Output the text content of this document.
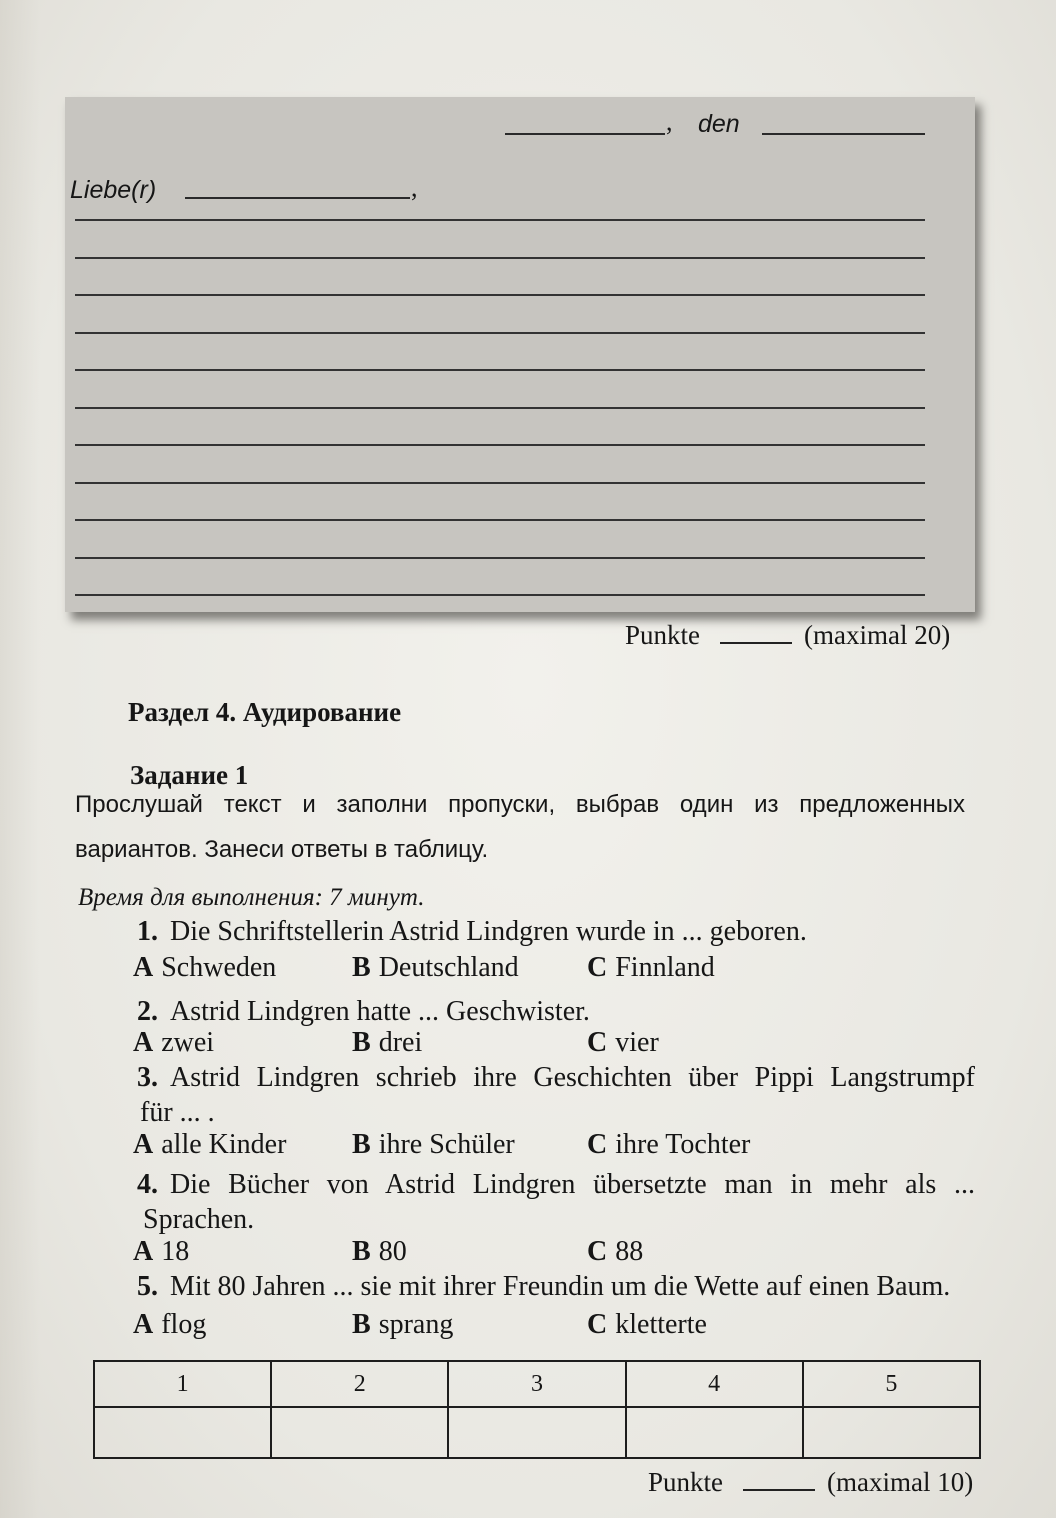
, den
Liebe(r)	,
Punkte	(maximal 20)
Раздел 4. Аудирование
Задание 1
Прослушай текст и заполни пропуски, выбрав один из предложенных
вариантов. Занеси ответы в таблицу.
Время для выполнения: 7 минут.
1. Die Schriftstellerin Astrid Lindgren wurde in ... geboren.
A Schweden	B Deutschland C Finnland
2. Astrid Lindgren hatte ... Geschwister.
A zwei	B drei	C vier
3. Astrid Lindgren schrieb ihre Geschichten über Pippi Langstrumpf
für ... .
A alle Kinder B ihre Schüler	C ihre Tochter
4. Die Bücher von Astrid Lindgren übersetzte man in mehr als ...
Sprachen.
A 18	B 80	C 88
5. Mit 80 Jahren ... sie mit ihrer Freundin um die Wette auf einen Baum.
A flog	B sprang	C kletterte
1	2	3	4	5

Punkte	(maximal 10)
